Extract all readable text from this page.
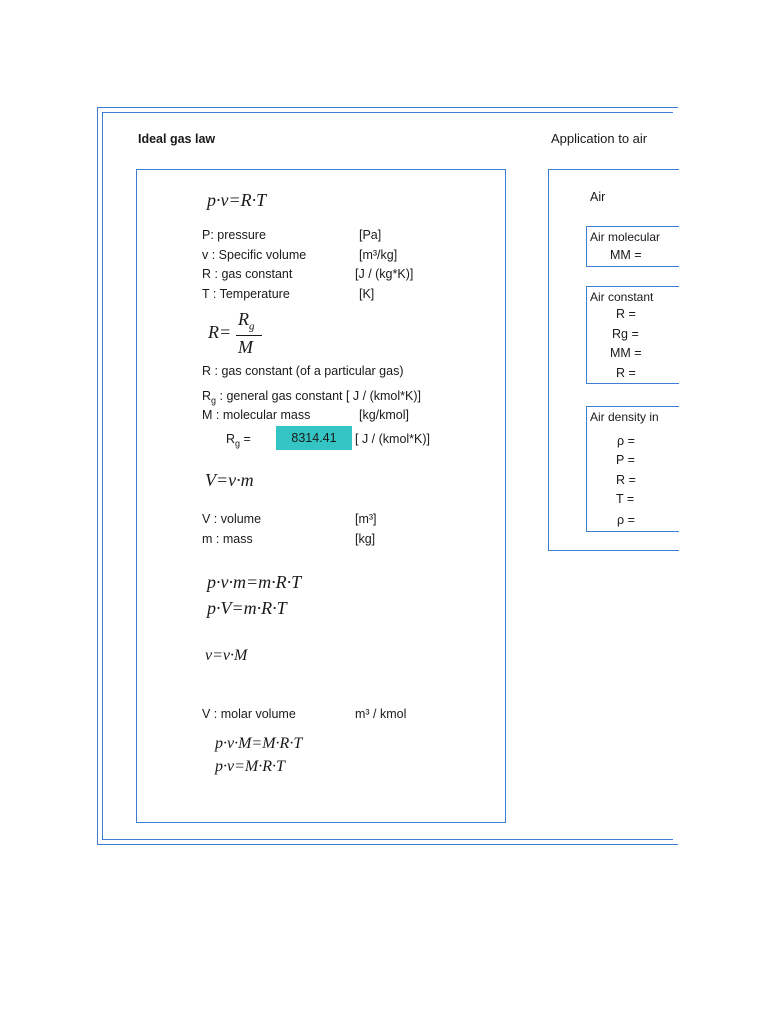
Ideal gas law	Application to air
p·v=R·T
P: pressure	[Pa]
v : Specific volume	[m³/kg]
R : gas constant	[J / (kg*K)]
T : Temperature	[K]
R=
$R_g$
M
R : gas constant (of a particular gas)
$R_g$ : general gas constant [ J / (kmol*K)]
M : molecular mass	[kg/kmol]
$R_g$ =	8314.41	[ J / (kmol*K)]
V=v·m
V : volume	[m³]
m : mass	[kg]
p·v·m=m·R·T
p·V=m·R·T
v=v·M
V : molar volume	m³ / kmol
p·v·M=M·R·T
p·v=M·R·T
Air
Air molecular
MM =
Air constant
R =
Rg =
MM =
R =
Air density in
ρ =
P =
R =
T =
ρ =
